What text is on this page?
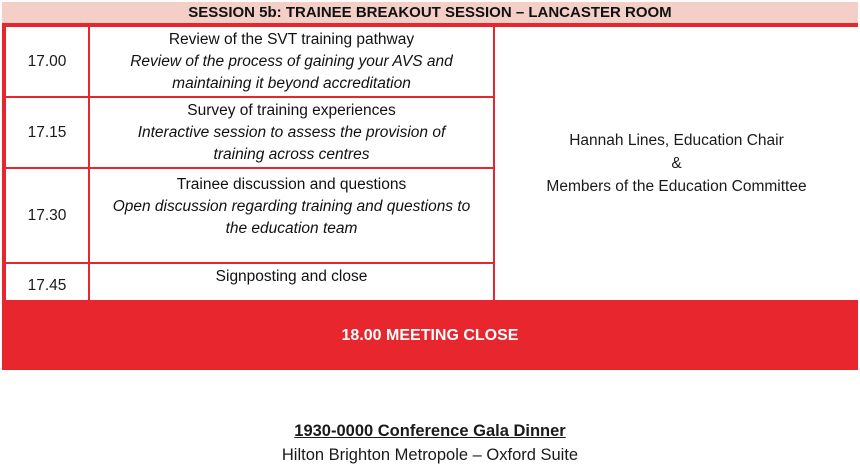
SESSION 5b: TRAINEE BREAKOUT SESSION – LANCASTER ROOM
17.00
Review of the SVT training pathway
Review of the process of gaining your AVS and
maintaining it beyond accreditation
17.15
Survey of training experiences
Interactive session to assess the provision of
training across centres
17.30
Trainee discussion and questions
Open discussion regarding training and questions to
the education team
17.45
Signposting and close
Hannah Lines, Education Chair
&
Members of the Education Committee
18.00 MEETING CLOSE
1930-0000 Conference Gala Dinner
Hilton Brighton Metropole – Oxford Suite
